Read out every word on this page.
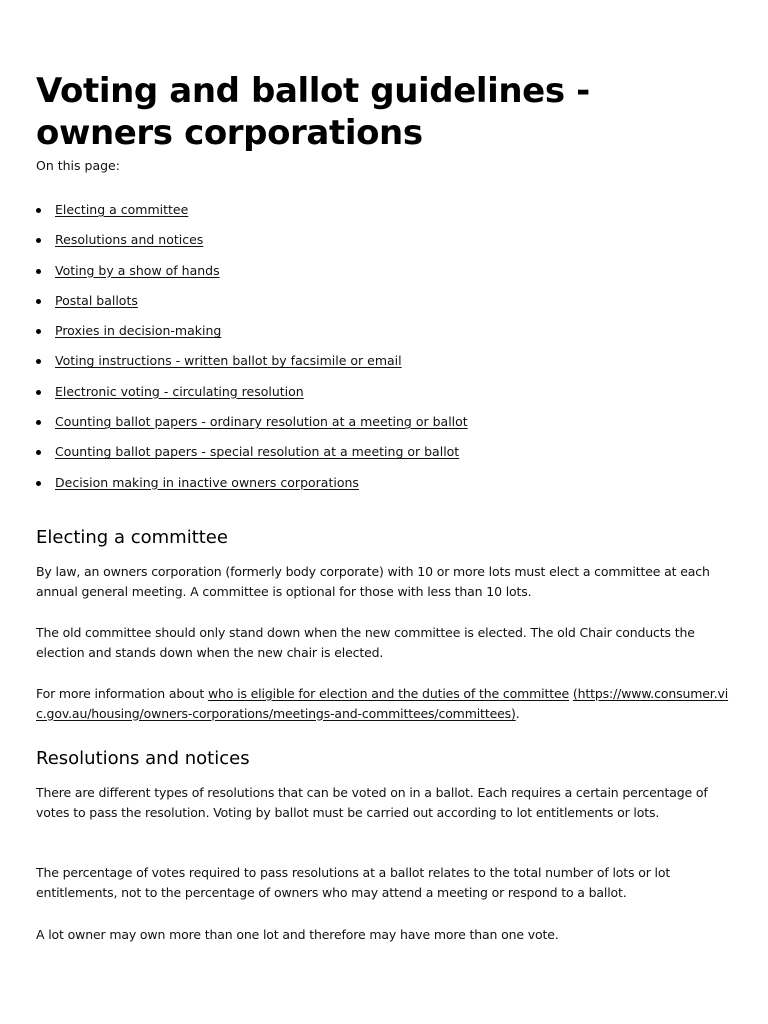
Voting and ballot guidelines - owners corporations
On this page:
Electing a committee
Resolutions and notices
Voting by a show of hands
Postal ballots
Proxies in decision-making
Voting instructions - written ballot by facsimile or email
Electronic voting - circulating resolution
Counting ballot papers - ordinary resolution at a meeting or ballot
Counting ballot papers - special resolution at a meeting or ballot
Decision making in inactive owners corporations
Electing a committee

By law, an owners corporation (formerly body corporate) with 10 or more lots must elect a committee at each annual general meeting. A committee is optional for those with less than 10 lots.

The old committee should only stand down when the new committee is elected. The old Chair conducts the election and stands down when the new chair is elected.

For more information about who is eligible for election and the duties of the committee (https://www.consumer.vic.gov.au/housing/owners-corporations/meetings-and-committees/committees).

Resolutions and notices

There are different types of resolutions that can be voted on in a ballot. Each requires a certain percentage of votes to pass the resolution. Voting by ballot must be carried out according to lot entitlements or lots.

The percentage of votes required to pass resolutions at a ballot relates to the total number of lots or lot entitlements, not to the percentage of owners who may attend a meeting or respond to a ballot.

A lot owner may own more than one lot and therefore may have more than one vote.
